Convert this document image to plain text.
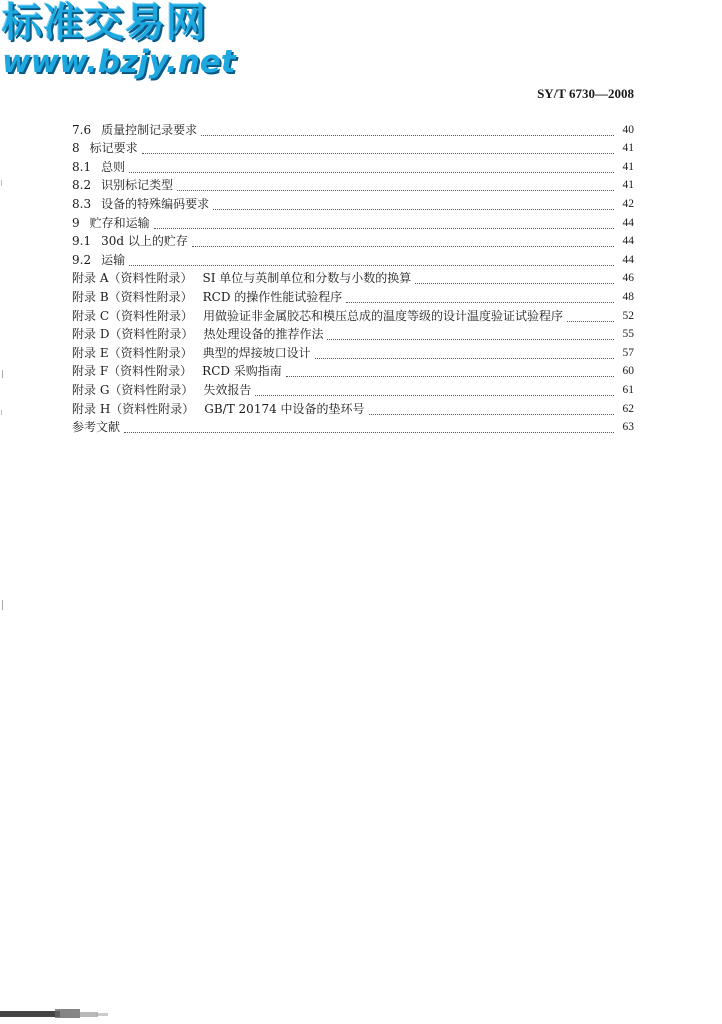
标准交易网
www.bzjy.net
SY/T 6730—2008
7.6 质量控制记录要求	40
8 标记要求	41
8.1 总则	41
8.2 识别标记类型	41
8.3 设备的特殊编码要求	42
9 贮存和运输	44
9.1 30d 以上的贮存	44
9.2 运输	44
附录 A（资料性附录） SI 单位与英制单位和分数与小数的换算	46
附录 B（资料性附录） RCD 的操作性能试验程序	48
附录 C（资料性附录） 用做验证非金属胶芯和模压总成的温度等级的设计温度验证试验程序	52
附录 D（资料性附录） 热处理设备的推荐作法	55
附录 E（资料性附录） 典型的焊接坡口设计	57
附录 F（资料性附录） RCD 采购指南	60
附录 G（资料性附录） 失效报告	61
附录 H（资料性附录） GB/T 20174 中设备的垫环号	62
参考文献	63
